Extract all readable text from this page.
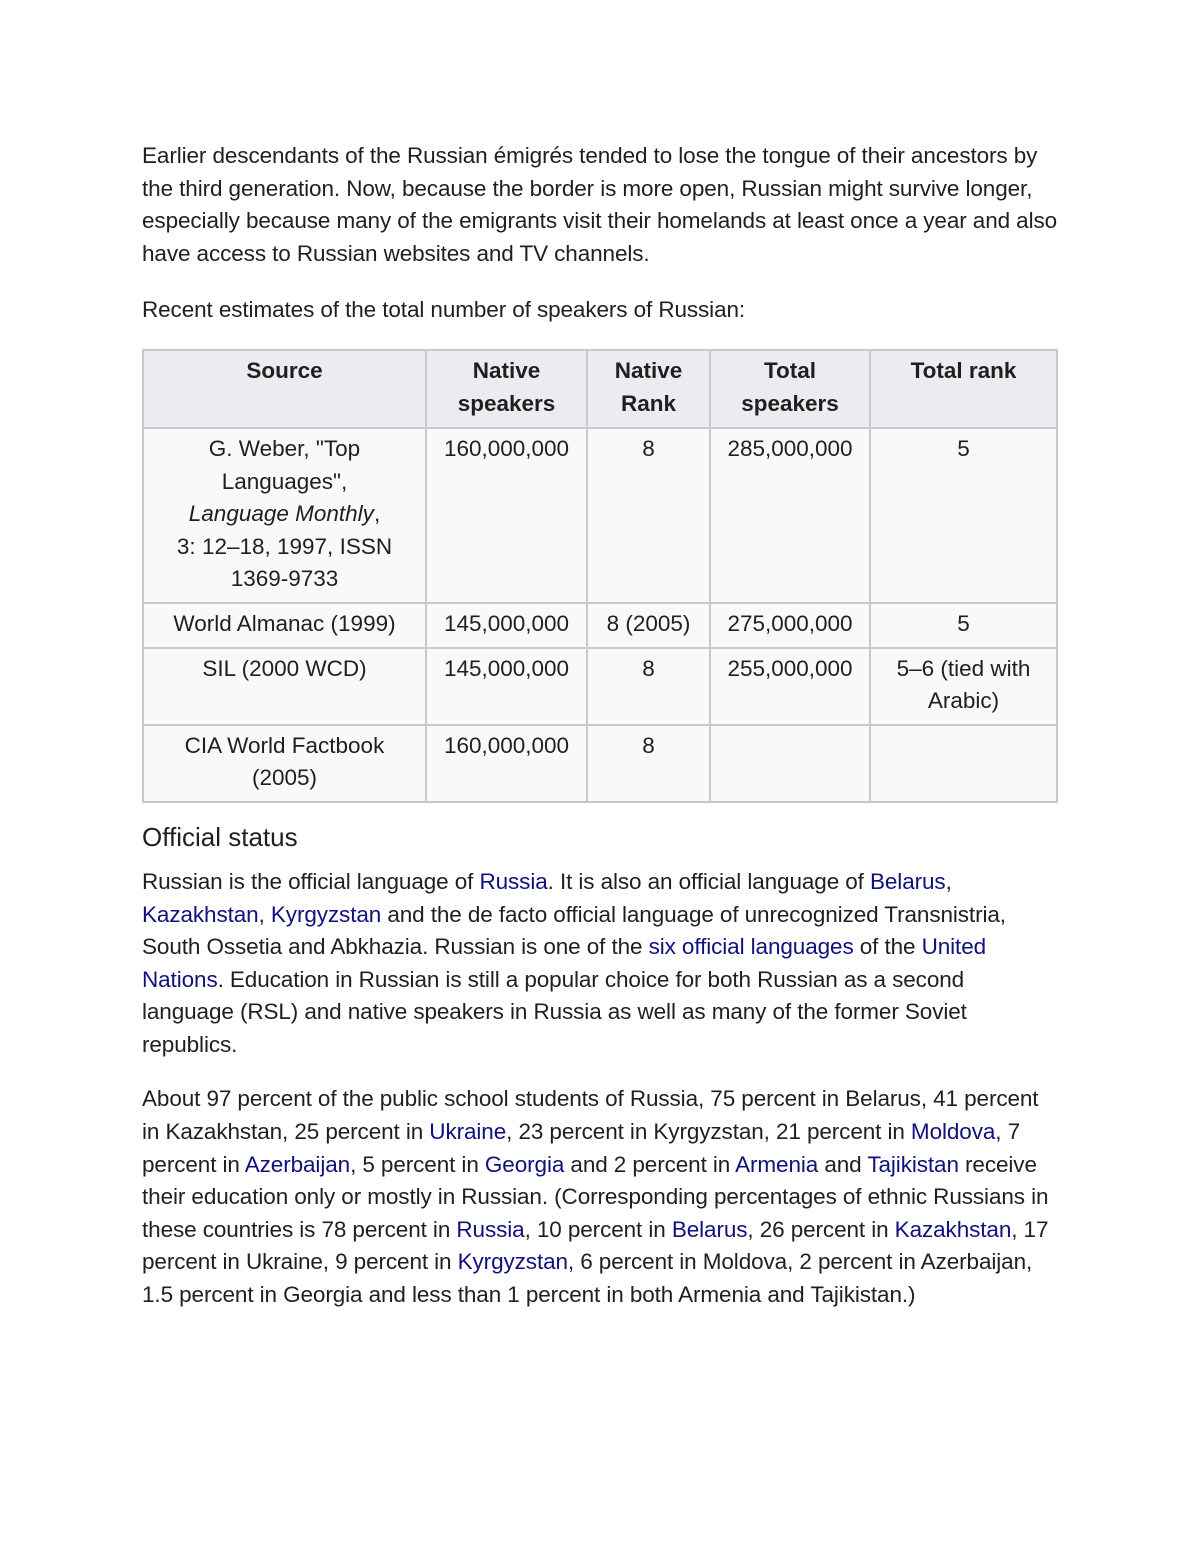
Earlier descendants of the Russian émigrés tended to lose the tongue of their ancestors by the third generation. Now, because the border is more open, Russian might survive longer, especially because many of the emigrants visit their homelands at least once a year and also have access to Russian websites and TV channels.

Recent estimates of the total number of speakers of Russian:

Source	Native speakers	Native Rank	Total speakers	Total rank
G. Weber, "Top Languages",
Language Monthly,
3: 12–18, 1997, ISSN 1369-9733	160,000,000	8	285,000,000	5
World Almanac (1999)	145,000,000	8 (2005)	275,000,000	5
SIL (2000 WCD)	145,000,000	8	255,000,000	5–6 (tied with Arabic)
CIA World Factbook (2005)	160,000,000	8		
Official status

Russian is the official language of Russia. It is also an official language of Belarus, Kazakhstan, Kyrgyzstan and the de facto official language of unrecognized Transnistria, South Ossetia and Abkhazia. Russian is one of the six official languages of the United Nations. Education in Russian is still a popular choice for both Russian as a second language (RSL) and native speakers in Russia as well as many of the former Soviet republics.

About 97 percent of the public school students of Russia, 75 percent in Belarus, 41 percent in Kazakhstan, 25 percent in Ukraine, 23 percent in Kyrgyzstan, 21 percent in Moldova, 7 percent in Azerbaijan, 5 percent in Georgia and 2 percent in Armenia and Tajikistan receive their education only or mostly in Russian. (Corresponding percentages of ethnic Russians in these countries is 78 percent in Russia, 10 percent in Belarus, 26 percent in Kazakhstan, 17 percent in Ukraine, 9 percent in Kyrgyzstan, 6 percent in Moldova, 2 percent in Azerbaijan, 1.5 percent in Georgia and less than 1 percent in both Armenia and Tajikistan.)
